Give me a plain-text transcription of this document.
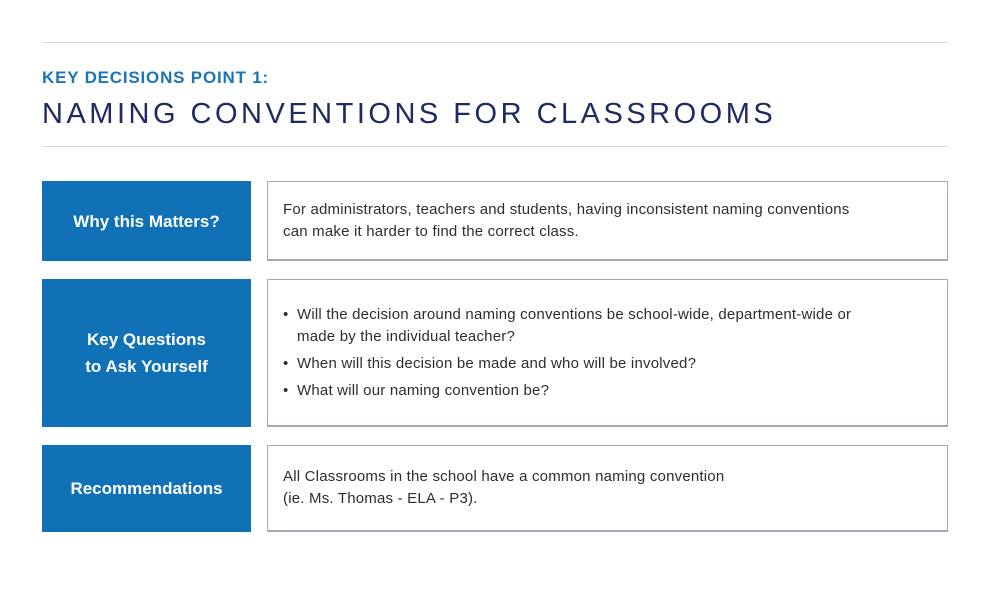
KEY DECISIONS POINT 1:
NAMING CONVENTIONS FOR CLASSROOMS
Why this Matters?

For administrators, teachers and students, having inconsistent naming conventions can make it harder to find the correct class.

Key Questions
to Ask Yourself
• Will the decision around naming conventions be school-wide, department-wide or made by the individual teacher?
• When will this decision be made and who will be involved?
• What will our naming convention be?
Recommendations

All Classrooms in the school have a common naming convention

(ie. Ms. Thomas - ELA - P3).
